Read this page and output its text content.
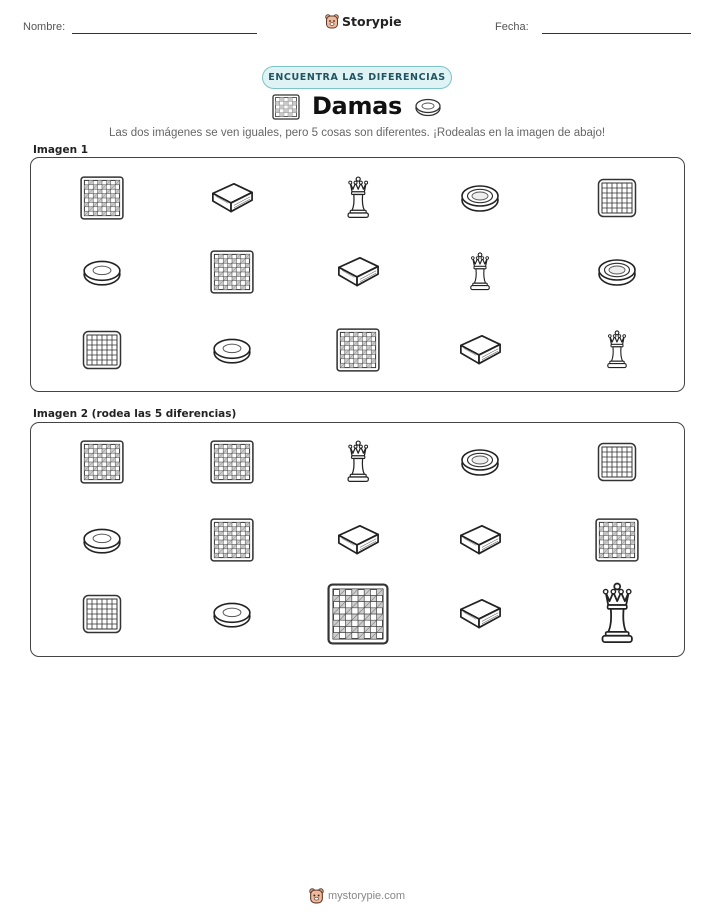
Nombre:	Storypie	Fecha:
ENCUENTRA LAS DIFERENCIAS
Damas
Las dos imágenes se ven iguales, pero 5 cosas son diferentes. ¡Rodealas en la imagen de abajo!
Imagen 1
Imagen 2 (rodea las 5 diferencias)
mystorypie.com
